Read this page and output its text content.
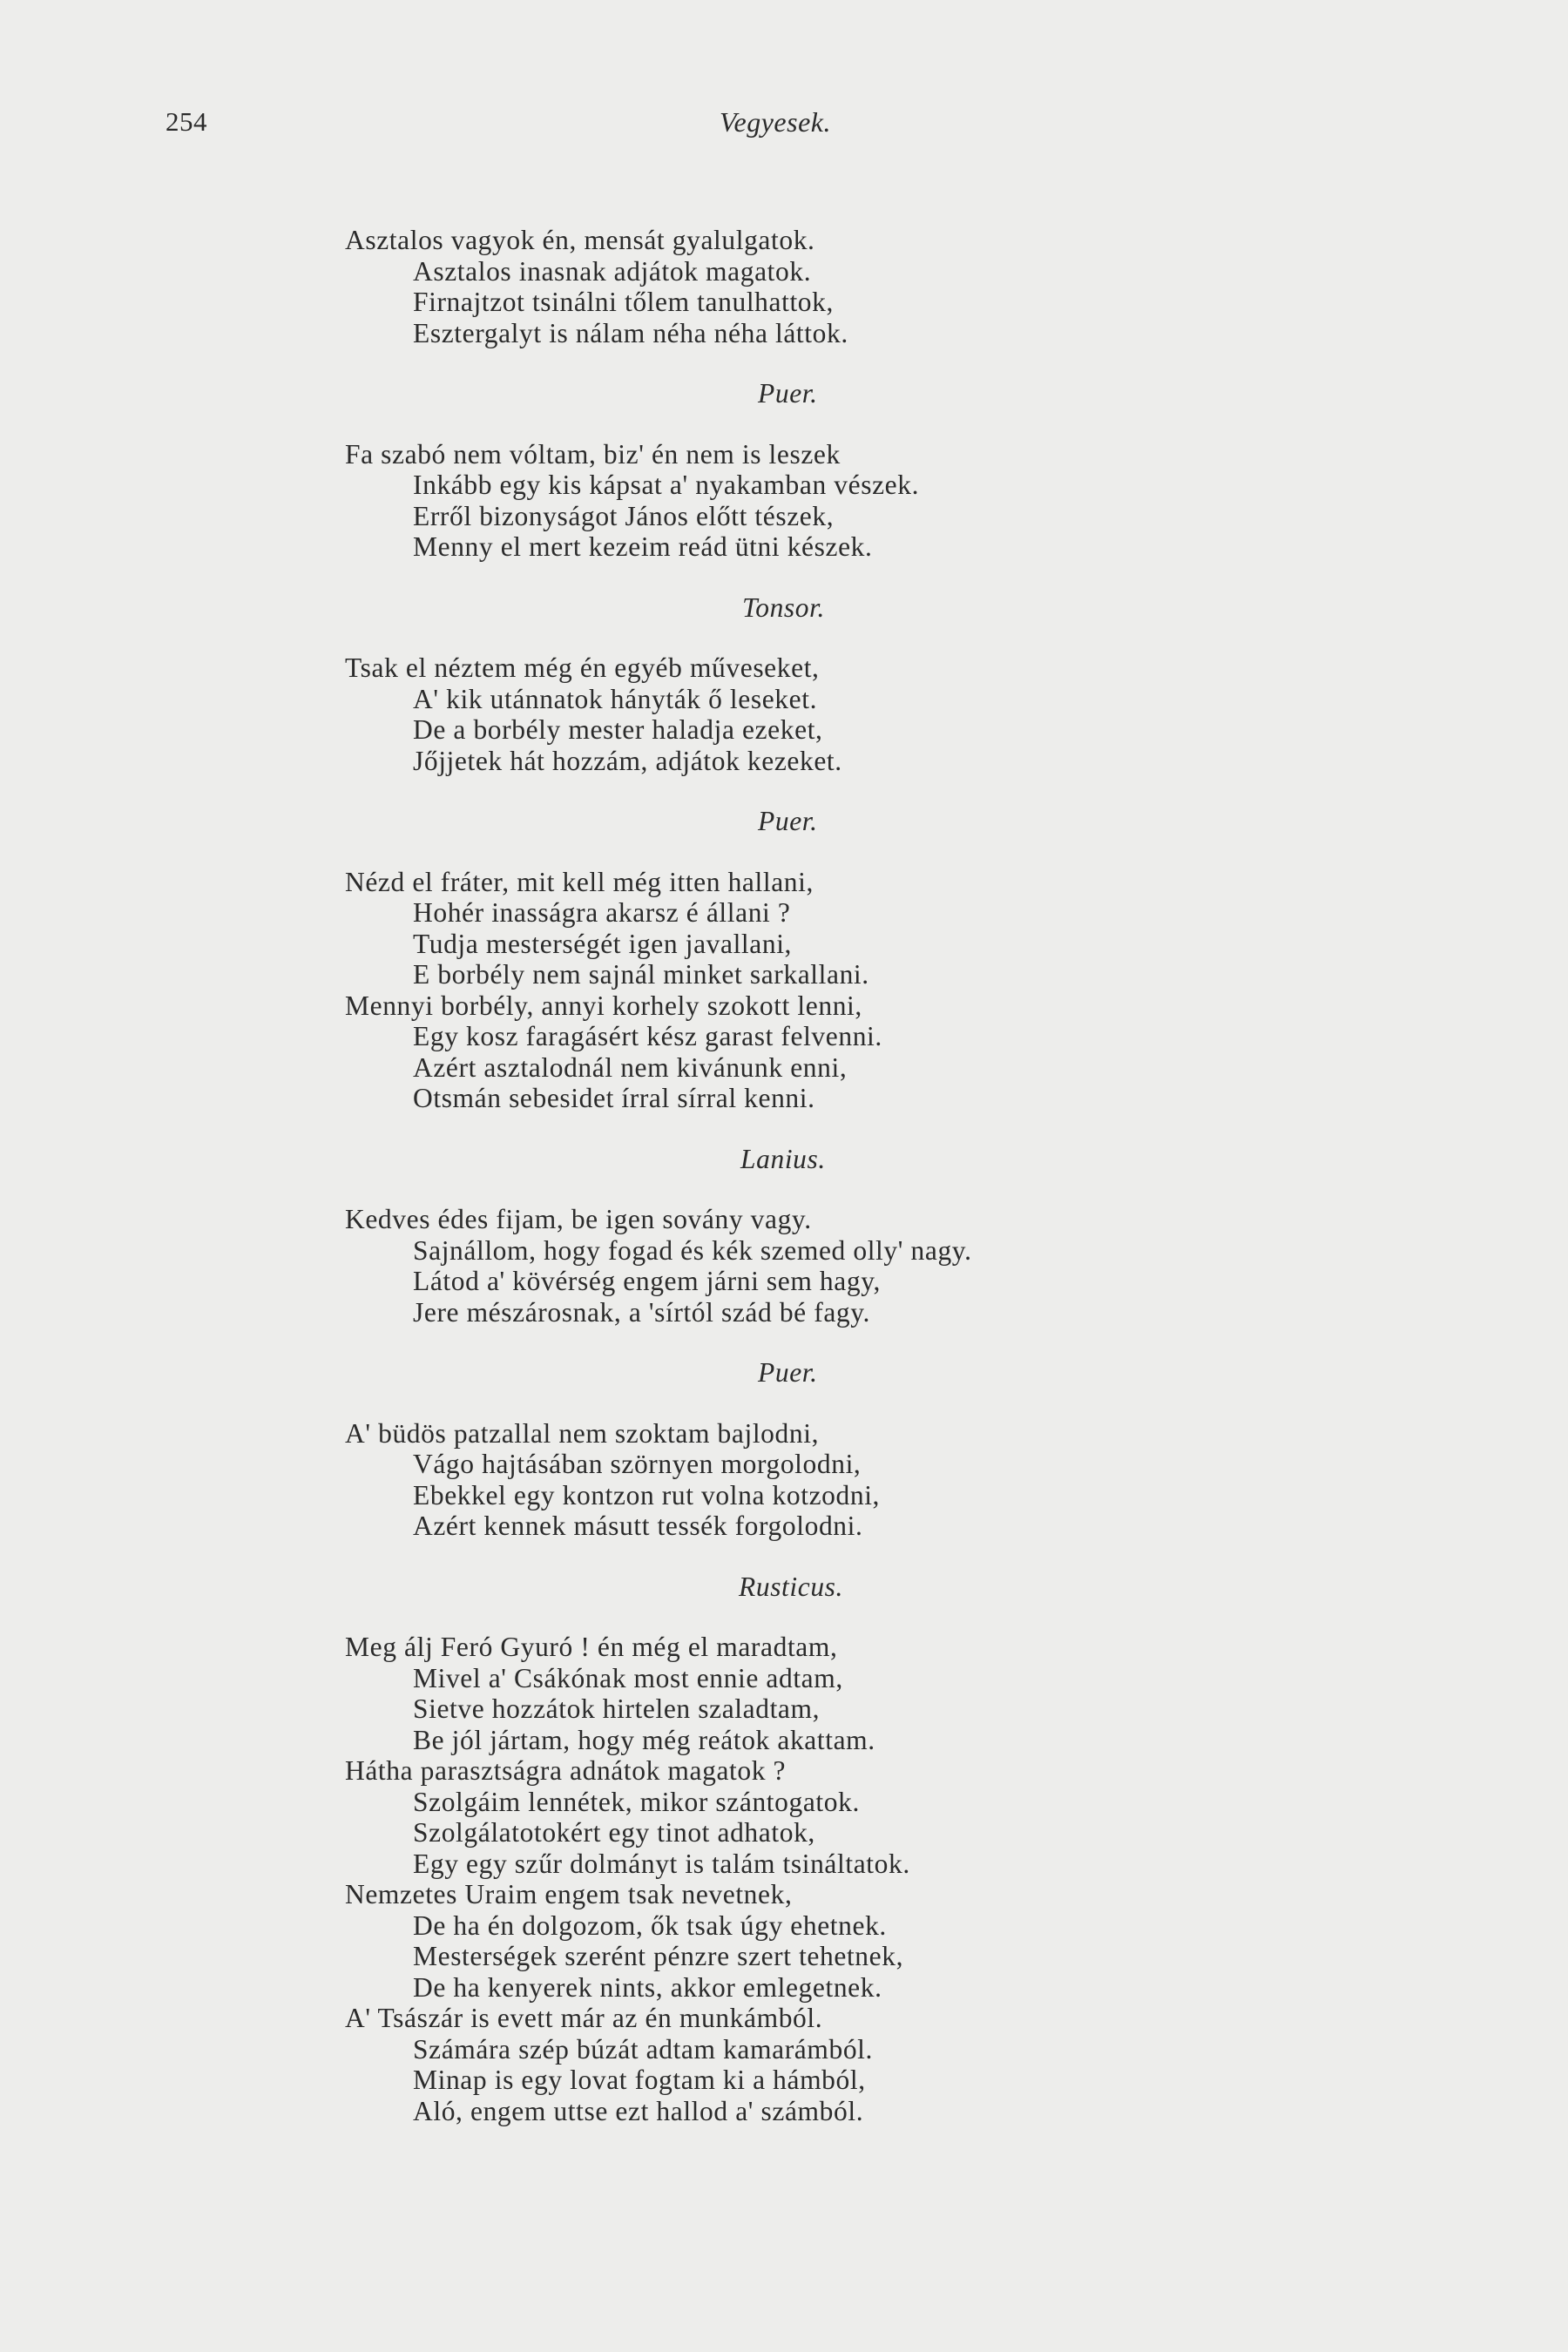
254	Vegyesek.
Asztalos vagyok én, mensát gyalulgatok.
Asztalos inasnak adjátok magatok.
Firnajtzot tsinálni tőlem tanulhattok,
Esztergalyt is nálam néha néha láttok.
Puer.
Fa szabó nem vóltam, biz' én nem is leszek
Inkább egy kis kápsat a' nyakamban vészek.
Erről bizonyságot János előtt tészek,
Menny el mert kezeim reád ütni készek.
Tonsor.
Tsak el néztem még én egyéb műveseket,
A' kik utánnatok hányták ő leseket.
De a borbély mester haladja ezeket,
Jőjjetek hát hozzám, adjátok kezeket.
Puer.
Nézd el fráter, mit kell még itten hallani,
Hohér inasságra akarsz é állani ?
Tudja mesterségét igen javallani,
E borbély nem sajnál minket sarkallani.
Mennyi borbély, annyi korhely szokott lenni,
Egy kosz faragásért kész garast felvenni.
Azért asztalodnál nem kivánunk enni,
Otsmán sebesidet írral sírral kenni.
Lanius.
Kedves édes fijam, be igen sovány vagy.
Sajnállom, hogy fogad és kék szemed olly' nagy.
Látod a' kövérség engem járni sem hagy,
Jere mészárosnak, a 'sírtól szád bé fagy.
Puer.
A' büdös patzallal nem szoktam bajlodni,
Vágo hajtásában szörnyen morgolodni,
Ebekkel egy kontzon rut volna kotzodni,
Azért kennek másutt tessék forgolodni.
Rusticus.
Meg álj Feró Gyuró ! én még el maradtam,
Mivel a' Csákónak most ennie adtam,
Sietve hozzátok hirtelen szaladtam,
Be jól jártam, hogy még reátok akattam.
Hátha parasztságra adnátok magatok ?
Szolgáim lennétek, mikor szántogatok.
Szolgálatotokért egy tinot adhatok,
Egy egy szűr dolmányt is talám tsináltatok.
Nemzetes Uraim engem tsak nevetnek,
De ha én dolgozom, ők tsak úgy ehetnek.
Mesterségek szerént pénzre szert tehetnek,
De ha kenyerek nints, akkor emlegetnek.
A' Tsászár is evett már az én munkámból.
Számára szép búzát adtam kamarámból.
Minap is egy lovat fogtam ki a hámból,
Aló, engem uttse ezt hallod a' számból.
